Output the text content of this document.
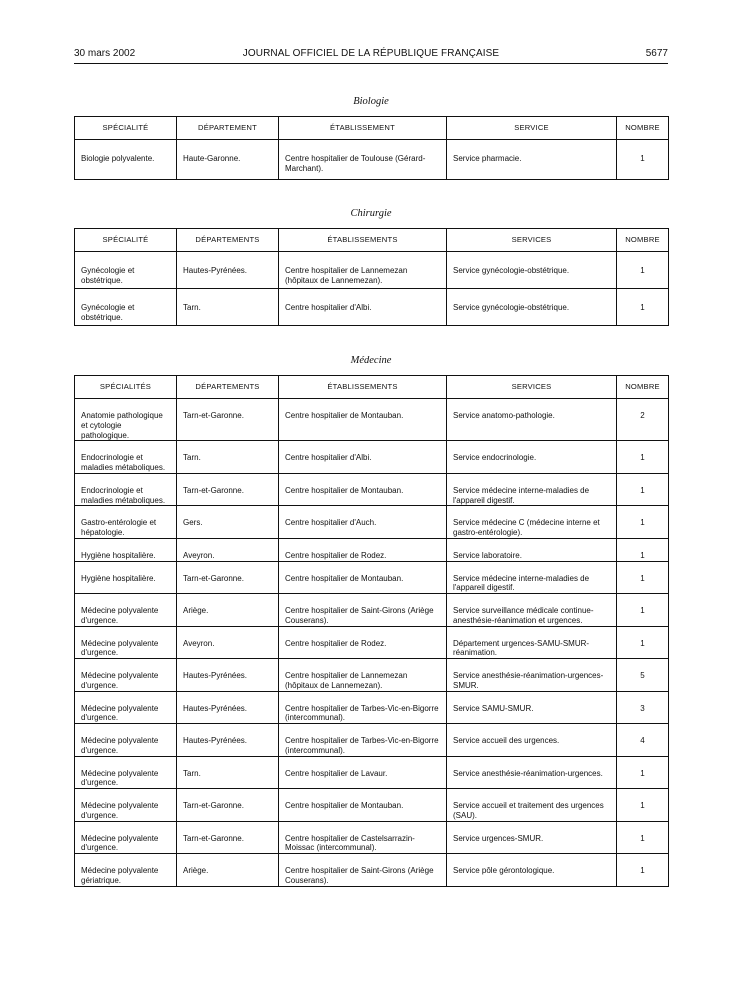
30 mars 2002	JOURNAL OFFICIEL DE LA RÉPUBLIQUE FRANÇAISE	5677
Biologie
SPÉCIALITÉ	DÉPARTEMENT	ÉTABLISSEMENT	SERVICE	NOMBRE
Biologie polyvalente.	Haute-Garonne.	Centre hospitalier de Toulouse (Gérard-Marchant).	Service pharmacie.	1
Chirurgie
SPÉCIALITÉ	DÉPARTEMENTS	ÉTABLISSEMENTS	SERVICES	NOMBRE
Gynécologie et obstétrique.	Hautes-Pyrénées.	Centre hospitalier de Lannemezan (hôpitaux de Lannemezan).	Service gynécologie-obstétrique.	1
Gynécologie et obstétrique.	Tarn.	Centre hospitalier d'Albi.	Service gynécologie-obstétrique.	1
Médecine
SPÉCIALITÉS	DÉPARTEMENTS	ÉTABLISSEMENTS	SERVICES	NOMBRE
Anatomie pathologique et cytologie pathologique.	Tarn-et-Garonne.	Centre hospitalier de Montauban.	Service anatomo-pathologie.	2
Endocrinologie et maladies métaboliques.	Tarn.	Centre hospitalier d'Albi.	Service endocrinologie.	1
Endocrinologie et maladies métaboliques.	Tarn-et-Garonne.	Centre hospitalier de Montauban.	Service médecine interne-maladies de l'appareil digestif.	1
Gastro-entérologie et hépatologie.	Gers.	Centre hospitalier d'Auch.	Service médecine C (médecine interne et gastro-entérologie).	1
Hygiène hospitalière.	Aveyron.	Centre hospitalier de Rodez.	Service laboratoire.	1
Hygiène hospitalière.	Tarn-et-Garonne.	Centre hospitalier de Montauban.	Service médecine interne-maladies de l'appareil digestif.	1
Médecine polyvalente d'urgence.	Ariège.	Centre hospitalier de Saint-Girons (Ariège Couserans).	Service surveillance médicale continue-anesthésie-réanimation et urgences.	1
Médecine polyvalente d'urgence.	Aveyron.	Centre hospitalier de Rodez.	Département urgences-SAMU-SMUR-réanimation.	1
Médecine polyvalente d'urgence.	Hautes-Pyrénées.	Centre hospitalier de Lannemezan (hôpitaux de Lannemezan).	Service anesthésie-réanimation-urgences-SMUR.	5
Médecine polyvalente d'urgence.	Hautes-Pyrénées.	Centre hospitalier de Tarbes-Vic-en-Bigorre (intercommunal).	Service SAMU-SMUR.	3
Médecine polyvalente d'urgence.	Hautes-Pyrénées.	Centre hospitalier de Tarbes-Vic-en-Bigorre (intercommunal).	Service accueil des urgences.	4
Médecine polyvalente d'urgence.	Tarn.	Centre hospitalier de Lavaur.	Service anesthésie-réanimation-urgences.	1
Médecine polyvalente d'urgence.	Tarn-et-Garonne.	Centre hospitalier de Montauban.	Service accueil et traitement des urgences (SAU).	1
Médecine polyvalente d'urgence.	Tarn-et-Garonne.	Centre hospitalier de Castelsarrazin-Moissac (intercommunal).	Service urgences-SMUR.	1
Médecine polyvalente gériatrique.	Ariège.	Centre hospitalier de Saint-Girons (Ariège Couserans).	Service pôle gérontologique.	1
